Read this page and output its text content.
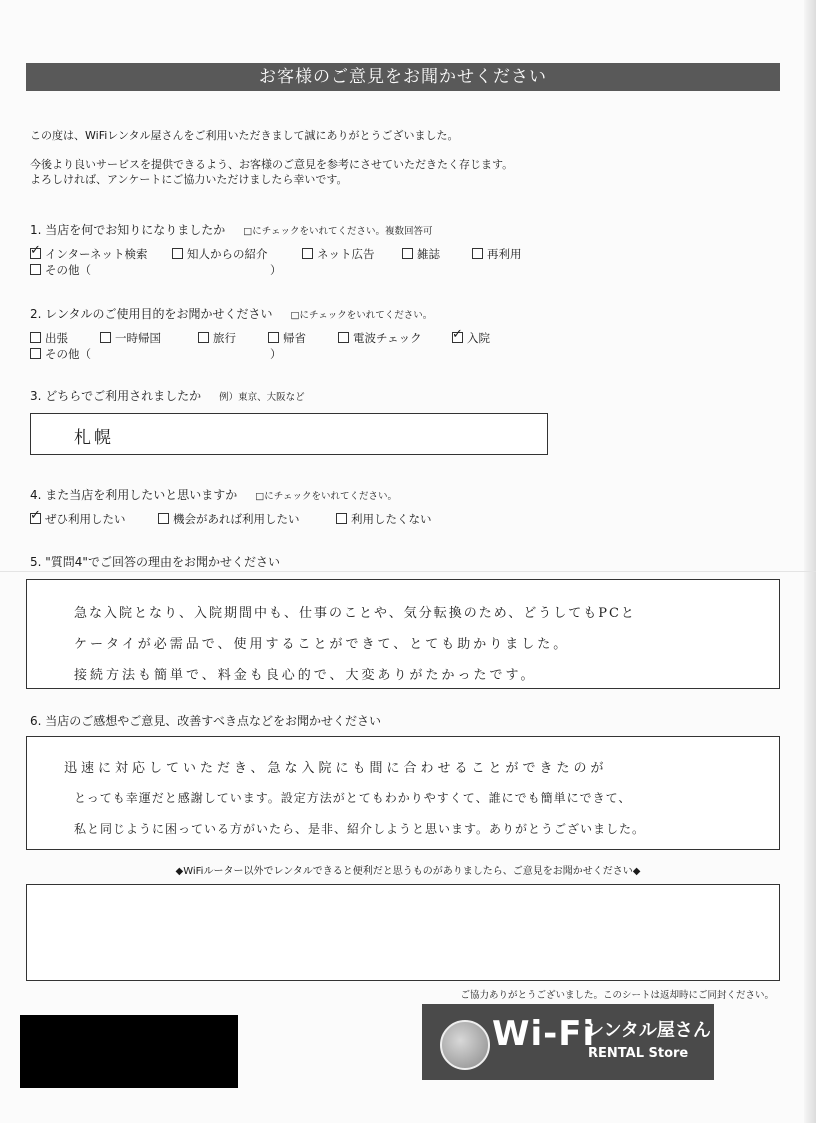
お客様のご意見をお聞かせください
この度は、WiFiレンタル屋さんをご利用いただきまして誠にありがとうございました。
今後より良いサービスを提供できるよう、お客様のご意見を参考にさせていただきたく存じます。
よろしければ、アンケートにご協力いただけましたら幸いです。
1. 当店を何でお知りになりましたか □にチェックをいれてください。複数回答可
✓ インターネット検索	知人からの紹介	ネット広告	雑誌	再利用
その他（	）
2. レンタルのご使用目的をお聞かせください □にチェックをいれてください。
出張	一時帰国	旅行	帰省	電波チェック ✓ 入院
その他（	）
3. どちらでご利用されましたか 例）東京、大阪など
札幌
4. また当店を利用したいと思いますか □にチェックをいれてください。
✓ ぜひ利用したい	機会があれば利用したい	利用したくない
5. "質問4"でご回答の理由をお聞かせください
急な入院となり、入院期間中も、仕事のことや、気分転換のため、どうしてもPCと
ケータイが必需品で、使用することができて、とても助かりました。
接続方法も簡単で、料金も良心的で、大変ありがたかったです。
6. 当店のご感想やご意見、改善すべき点などをお聞かせください
迅速に対応していただき、急な入院にも間に合わせることができたのが
とっても幸運だと感謝しています。設定方法がとてもわかりやすくて、誰にでも簡単にできて、
私と同じように困っている方がいたら、是非、紹介しようと思います。ありがとうございました。
◆WiFiルーター以外でレンタルできると便利だと思うものがありましたら、ご意見をお聞かせください◆
ご協力ありがとうございました。このシートは返却時にご同封ください。
Wi-Fi
レンタル屋さん
RENTAL Store
